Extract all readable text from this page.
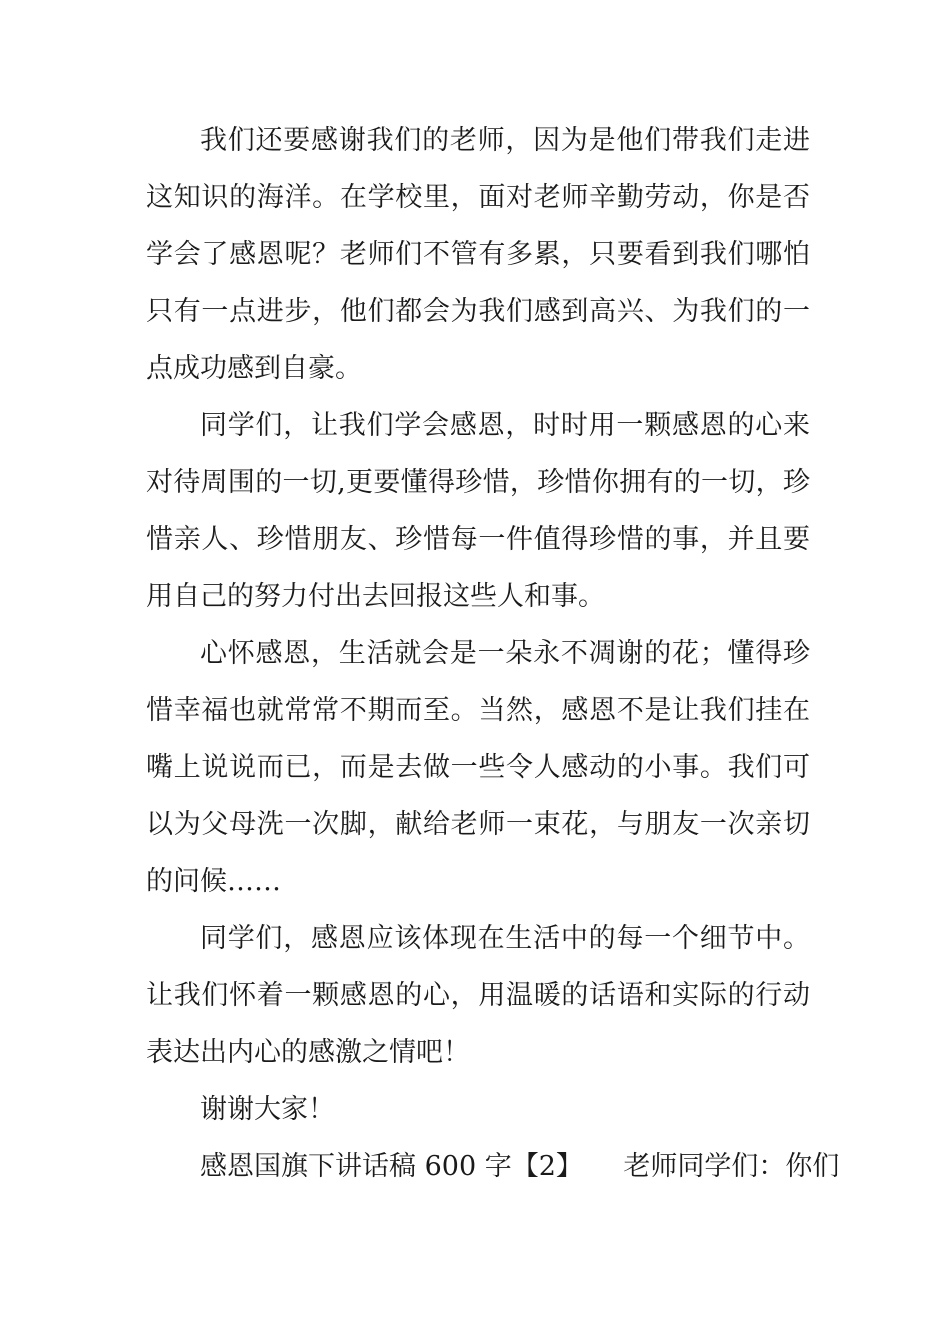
我们还要感谢我们的老师，因为是他们带我们走进这知识的海洋。在学校里，面对老师辛勤劳动，你是否学会了感恩呢？老师们不管有多累，只要看到我们哪怕只有一点进步，他们都会为我们感到高兴、为我们的一点成功感到自豪。

同学们，让我们学会感恩，时时用一颗感恩的心来对待周围的一切,更要懂得珍惜，珍惜你拥有的一切，珍惜亲人、珍惜朋友、珍惜每一件值得珍惜的事，并且要用自己的努力付出去回报这些人和事。

心怀感恩，生活就会是一朵永不凋谢的花；懂得珍惜幸福也就常常不期而至。当然，感恩不是让我们挂在嘴上说说而已，而是去做一些令人感动的小事。我们可以为父母洗一次脚，献给老师一束花，与朋友一次亲切的问候……

同学们，感恩应该体现在生活中的每一个细节中。让我们怀着一颗感恩的心，用温暖的话语和实际的行动表达出内心的感激之情吧！

谢谢大家！

感恩国旗下讲话稿 600 字【2】　　老师同学们：你们
